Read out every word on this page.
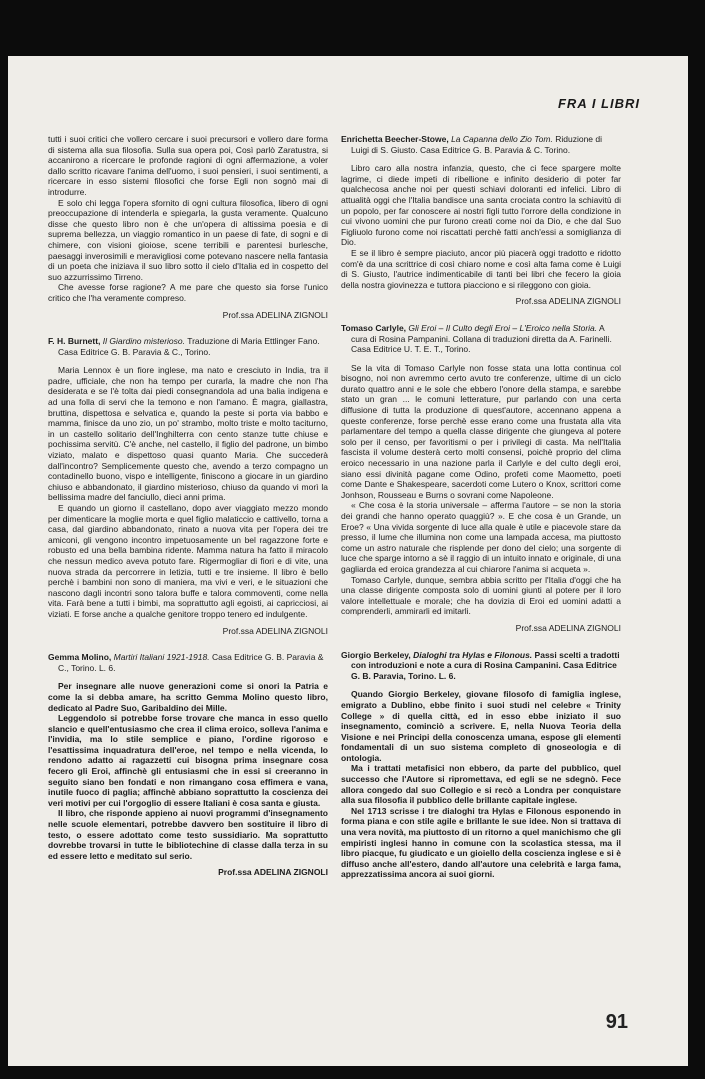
FRA I LIBRI

tutti i suoi critici che vollero cercare i suoi precursori e vollero dare forma di sistema alla sua filosofia. Sulla sua opera poi, Così parlò Zaratustra, si accanirono a ricercare le profonde ragioni di ogni affermazione, a voler dallo scritto ricavare l'anima dell'uomo, i suoi pensieri, i suoi sentimenti, a ricercare in esso sistemi filosofici che forse Egli non sognò mai di introdurre.

E solo chi legga l'opera sfornito di ogni cultura filosofica, libero di ogni preoccupazione di intenderla e spiegarla, la gusta veramente. Qualcuno disse che questo libro non è che un'opera di altissima poesia e di suprema bellezza, un viaggio romantico in un paese di fate, di sogni e di chimere, con visioni gioiose, scene terribili e parentesi burlesche, paesaggi inverosimili e meravigliosi come potevano nascere nella fantasia di un poeta che iniziava il suo libro sotto il cielo d'Italia ed in cospetto del suo azzurrissimo Tirreno.

Che avesse forse ragione? A me pare che questo sia forse l'unico critico che l'ha veramente compreso.

Prof.ssa ADELINA ZIGNOLI

F. H. Burnett, Il Giardino misterioso. Traduzione di Maria Ettlinger Fano. Casa Editrice G. B. Paravia & C., Torino.

Maria Lennox è un fiore inglese, ma nato e cresciuto in India, tra il padre, ufficiale, che non ha tempo per curarla, la madre che non l'ha desiderata e se l'è tolta dai piedi consegnandola ad una balia indigena e ad una folla di servi che la temono e non l'amano. È magra, giallastra, bruttina, dispettosa e selvatica e, quando la peste si porta via babbo e mamma, finisce da uno zio, un po' strambo, molto triste e molto taciturno, in un castello solitario dell'Inghilterra con cento stanze tutte chiuse e pochissima servitù. C'è anche, nel castello, il figlio del padrone, un bimbo viziato, malato e dispettoso quasi quanto Maria. Che succederà dall'incontro? Semplicemente questo che, avendo a terzo compagno un contadinello buono, vispo e intelligente, finiscono a giocare in un giardino chiuso e abbandonato, il giardino misterioso, chiuso da quando vi morì la bellissima madre del fanciullo, dieci anni prima.

E quando un giorno il castellano, dopo aver viaggiato mezzo mondo per dimenticare la moglie morta e quel figlio malaticcio e cattivello, torna a casa, dal giardino abbandonato, rinato a nuova vita per l'opera dei tre amiconi, gli vengono incontro impetuosamente un bel ragazzone forte e robusto ed una bella bambina ridente. Mamma natura ha fatto il miracolo che nessun medico aveva potuto fare. Rigermogliar di fiori e di vite, una nuova strada da percorrere in letizia, tutti e tre insieme. Il libro è bello perchè i bambini non sono di maniera, ma vivi e veri, e le situazioni che nascono dagli incontri sono talora buffe e talora commoventi, come nella vita. Farà bene a tutti i bimbi, ma soprattutto agli egoisti, ai capricciosi, ai viziati. E forse anche a qualche genitore troppo tenero ed indulgente.

Prof.ssa ADELINA ZIGNOLI

Gemma Molino, Martiri Italiani 1921-1918. Casa Editrice G. B. Paravia & C., Torino. L. 6.

Per insegnare alle nuove generazioni come si onori la Patria e come la si debba amare, ha scritto Gemma Molino questo libro, dedicato al Padre Suo, Garibaldino dei Mille.

Leggendolo si potrebbe forse trovare che manca in esso quello slancio e quell'entusiasmo che crea il clima eroico, solleva l'anima e l'invidia, ma lo stile semplice e piano, l'ordine rigoroso e l'esattissima inquadratura dell'eroe, nel tempo e nella vicenda, lo rendono adatto ai ragazzetti cui bisogna prima insegnare cosa fecero gli Eroi, affinchè gli entusiasmi che in essi si creeranno in seguito siano ben fondati e non rimangano cosa effimera e vana, inutile fuoco di paglia; affinchè abbiano soprattutto la coscienza dei veri motivi per cui l'orgoglio di essere Italiani è cosa santa e giusta.

Il libro, che risponde appieno ai nuovi programmi d'insegnamento nelle scuole elementari, potrebbe davvero ben sostituire il libro di testo, o essere adottato come testo sussidiario. Ma soprattutto dovrebbe trovarsi in tutte le bibliotechine di classe dalla terza in su ed essere letto e meditato sul serio.

Prof.ssa ADELINA ZIGNOLI

Enrichetta Beecher-Stowe, La Capanna dello Zio Tom. Riduzione di Luigi di S. Giusto. Casa Editrice G. B. Paravia & C. Torino.

Libro caro alla nostra infanzia, questo, che ci fece spargere molte lagrime, ci diede impeti di ribellione e infinito desiderio di poter far qualchecosa anche noi per questi schiavi doloranti ed infelici. Libro di attualità oggi che l'Italia bandisce una santa crociata contro la schiavitù di un popolo, per far conoscere ai nostri figli tutto l'orrore della condizione in cui vivono uomini che pur furono creati come noi da Dio, e che dal Suo Figliuolo furono come noi riscattati perchè fatti anch'essi a somiglianza di Dio.

E se il libro è sempre piaciuto, ancor più piacerà oggi tradotto e ridotto com'è da una scrittrice di così chiaro nome e così alta fama come è Luigi di S. Giusto, l'autrice indimenticabile di tanti bei libri che fecero la gioia della nostra giovinezza e tuttora piacciono e si rileggono con gioia.

Prof.ssa ADELINA ZIGNOLI

Tomaso Carlyle, Gli Eroi – Il Culto degli Eroi – L'Eroico nella Storia. A cura di Rosina Pampanini. Collana di traduzioni diretta da A. Farinelli. Casa Editrice U. T. E. T., Torino.

Se la vita di Tomaso Carlyle non fosse stata una lotta continua col bisogno, noi non avremmo certo avuto tre conferenze, ultime di un ciclo durato quattro anni e le sole che ebbero l'onore della stampa, e sarebbe stato un gran ... le comuni letterature, pur parlando con una certa diffusione di tutta la produzione di quest'autore, accennano appena a queste conferenze, forse perchè esse erano come una frustata alla vita parlamentare del tempo a quella classe dirigente che giungeva al potere solo per il censo, per favoritismi o per i privilegi di casta. Ma nell'Italia fascista il volume desterà certo molti consensi, poichè proprio del clima eroico necessario in una nazione parla il Carlyle e del culto degli eroi, siano essi divinità pagane come Odino, profeti come Maometto, poeti come Dante e Shakespeare, sacerdoti come Lutero o Knox, scrittori come Jonhson, Rousseau e Burns o sovrani come Napoleone.

« Che cosa è la storia universale – afferma l'autore – se non la storia dei grandi che hanno operato quaggiù? ». E che cosa è un Grande, un Eroe? « Una vivida sorgente di luce alla quale è utile e piacevole stare da presso, il lume che illumina non come una lampada accesa, ma piuttosto come un astro naturale che risplende per dono del cielo; una sorgente di luce che sparge intorno a sè il raggio di un intuito innato e originale, di una gagliarda ed eroica grandezza al cui chiarore l'anima si acqueta ».

Tomaso Carlyle, dunque, sembra abbia scritto per l'Italia d'oggi che ha una classe dirigente composta solo di uomini giunti al potere per il loro valore intellettuale e morale; che ha dovizia di Eroi ed uomini adatti a comprenderli, ammirarli ed imitarli.

Prof.ssa ADELINA ZIGNOLI

Giorgio Berkeley, Dialoghi tra Hylas e Filonous. Passi scelti a tradotti con introduzioni e note a cura di Rosina Campanini. Casa Editrice G. B. Paravia, Torino. L. 6.

Quando Giorgio Berkeley, giovane filosofo di famiglia inglese, emigrato a Dublino, ebbe finito i suoi studi nel celebre « Trinity College » di quella città, ed in esso ebbe iniziato il suo insegnamento, cominciò a scrivere. E, nella Nuova Teoria della Visione e nei Principi della conoscenza umana, espose gli elementi fondamentali di un suo sistema completo di gnoseologia e di ontologia.

Ma i trattati metafisici non ebbero, da parte del pubblico, quel successo che l'Autore si ripromettava, ed egli se ne sdegnò. Fece allora congedo dal suo Collegio e si recò a Londra per conquistare alla sua filosofia il pubblico delle brillante capitale inglese.

Nel 1713 scrisse i tre dialoghi tra Hylas e Filonous esponendo in forma piana e con stile agile e brillante le sue idee. Non si trattava di una vera novità, ma piuttosto di un ritorno a quel manichismo che gli empiristi inglesi hanno in comune con la scolastica stessa, ma il libro piacque, fu giudicato e un gioiello della coscienza inglese e si è diffuso anche all'estero, dando all'autore una celebrità e larga fama, apprezzatissima ancora ai suoi giorni.

91
